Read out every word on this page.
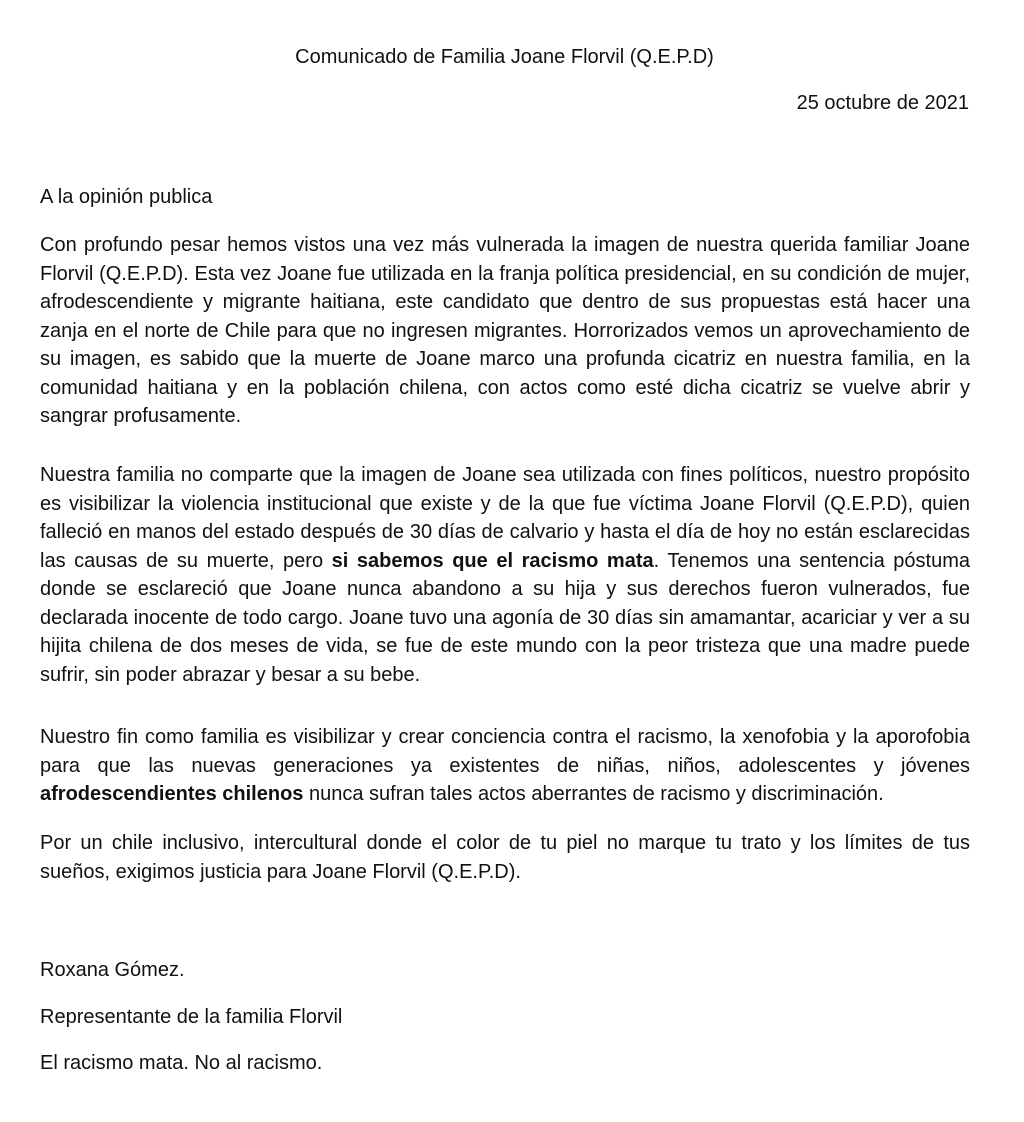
Comunicado de Familia Joane Florvil (Q.E.P.D)
25 octubre de 2021
A la opinión publica

Con profundo pesar hemos vistos una vez más vulnerada la imagen de nuestra querida familiar Joane Florvil (Q.E.P.D). Esta vez Joane fue utilizada en la franja política presidencial, en su condición de mujer, afrodescendiente y migrante haitiana, este candidato que dentro de sus propuestas está hacer una zanja en el norte de Chile para que no ingresen migrantes. Horrorizados vemos un aprovechamiento de su imagen, es sabido que la muerte de Joane marco una profunda cicatriz en nuestra familia, en la comunidad haitiana y en la población chilena, con actos como esté dicha cicatriz se vuelve abrir y sangrar profusamente.

Nuestra familia no comparte que la imagen de Joane sea utilizada con fines políticos, nuestro propósito es visibilizar la violencia institucional que existe y de la que fue víctima Joane Florvil (Q.E.P.D), quien falleció en manos del estado después de 30 días de calvario y hasta el día de hoy no están esclarecidas las causas de su muerte, pero si sabemos que el racismo mata. Tenemos una sentencia póstuma donde se esclareció que Joane nunca abandono a su hija y sus derechos fueron vulnerados, fue declarada inocente de todo cargo. Joane tuvo una agonía de 30 días sin amamantar, acariciar y ver a su hijita chilena de dos meses de vida, se fue de este mundo con la peor tristeza que una madre puede sufrir, sin poder abrazar y besar a su bebe.

Nuestro fin como familia es visibilizar y crear conciencia contra el racismo, la xenofobia y la aporofobia para que las nuevas generaciones ya existentes de niñas, niños, adolescentes y jóvenes afrodescendientes chilenos nunca sufran tales actos aberrantes de racismo y discriminación.

Por un chile inclusivo, intercultural donde el color de tu piel no marque tu trato y los límites de tus sueños, exigimos justicia para Joane Florvil (Q.E.P.D).

Roxana Gómez.
Representante de la familia Florvil
El racismo mata. No al racismo.
